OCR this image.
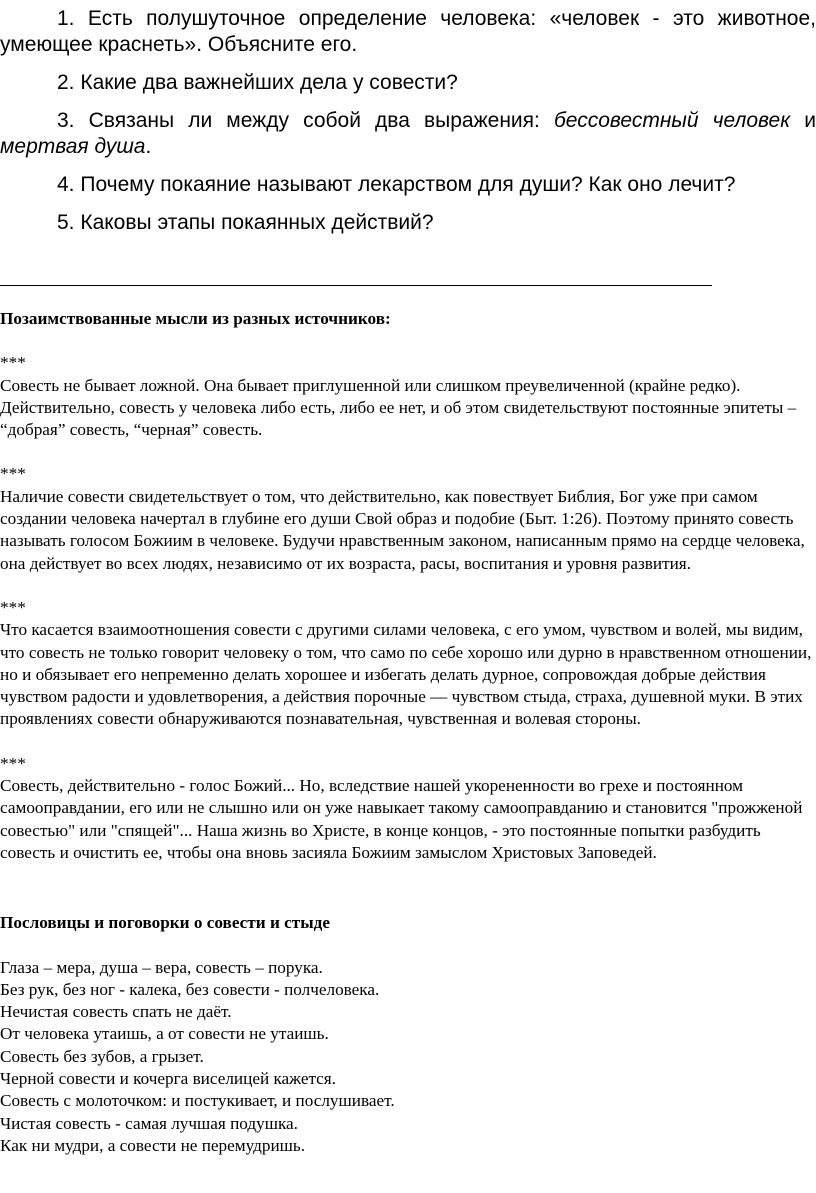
1. Есть полушуточное определение человека: «человек - это животное, умеющее краснеть». Объясните его.

2. Какие два важнейших дела у совести?

3. Связаны ли между собой два выражения: бессовестный человек и мертвая душа.

4. Почему покаяние называют лекарством для души? Как оно лечит?

5. Каковы этапы покаянных действий?

Позаимствованные мысли из разных источников:

***

Совесть не бывает ложной. Она бывает приглушенной или слишком преувеличенной (крайне редко). Действительно, совесть у человека либо есть, либо ее нет, и об этом свидетельствуют постоянные эпитеты – “добрая” совесть, “черная” совесть.

***

Наличие совести свидетельствует о том, что действительно, как повествует Библия, Бог уже при самом создании человека начертал в глубине его души Свой образ и подобие (Быт. 1:26). Поэтому принято совесть называть голосом Божиим в человеке. Будучи нравственным законом, написанным прямо на сердце человека, она действует во всех людях, независимо от их возраста, расы, воспитания и уровня развития.

***

Что касается взаимоотношения совести с другими силами человека, с его умом, чувством и волей, мы видим, что совесть не только говорит человеку о том, что само по себе хорошо или дурно в нравственном отношении, но и обязывает его непременно делать хорошее и избегать делать дурное, сопровождая добрые действия чувством радости и удовлетворения, а действия порочные — чувством стыда, страха, душевной муки. В этих проявлениях совести обнаруживаются познавательная, чувственная и волевая стороны.

***

Совесть, действительно - голос Божий... Но, вследствие нашей укорененности во грехе и постоянном самооправдании, его или не слышно или он уже навыкает такому самооправданию и становится "прожженой совестью" или "спящей"... Наша жизнь во Христе, в конце концов, - это постоянные попытки разбудить совесть и очистить ее, чтобы она вновь засияла Божиим замыслом Христовых Заповедей.

Пословицы и поговорки о совести и стыде

Глаза – мера, душа – вера, совесть – порука.

Без рук, без ног - калека, без совести - полчеловека.

Нечистая совесть спать не даёт.

От человека утаишь, а от совести не утаишь.

Совесть без зубов, а грызет.

Черной совести и кочерга виселицей кажется.

Совесть с молоточком: и постукивает, и послушивает.

Чистая совесть - самая лучшая подушка.

Как ни мудри, а совести не перемудришь.
